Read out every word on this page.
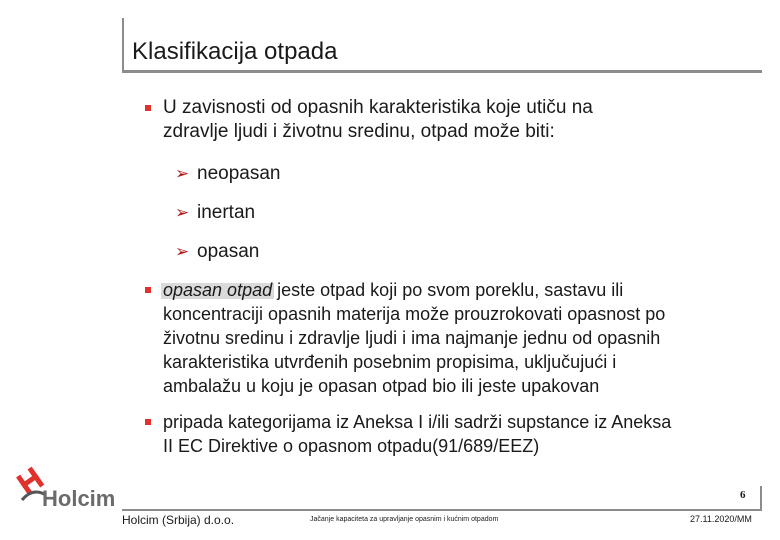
Klasifikacija otpada
U zavisnosti od opasnih karakteristika koje utiču na
zdravlje ljudi i životnu sredinu, otpad može biti:
➢ neopasan
➢ inertan
➢ opasan
opasan otpad jeste otpad koji po svom poreklu, sastavu ili
koncentraciji opasnih materija može prouzrokovati opasnost po
životnu sredinu i zdravlje ljudi i ima najmanje jednu od opasnih
karakteristika utvrđenih posebnim propisima, uključujući i
ambalažu u koju je opasan otpad bio ili jeste upakovan
pripada kategorijama iz Aneksa I i/ili sadrži supstance iz Aneksa
II EC Direktive o opasnom otpadu(91/689/EEZ)
Holcim	6
Holcim (Srbija) d.o.o.	Jačanje kapaciteta za upravljanje opasnim i kućnim otpadom	27.11.2020/MM
